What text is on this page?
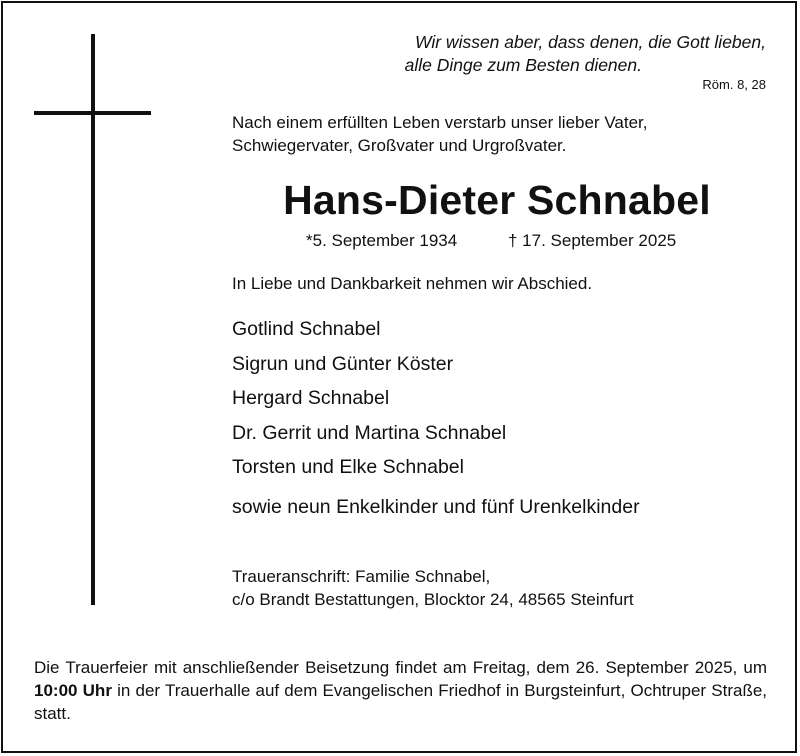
Wir wissen aber, dass denen, die Gott lieben,
alle Dinge zum Besten dienen.
Röm. 8, 28
Nach einem erfüllten Leben verstarb unser lieber Vater,
Schwiegervater, Großvater und Urgroßvater.
Hans-Dieter Schnabel
*5. September 1934	† 17. September 2025
In Liebe und Dankbarkeit nehmen wir Abschied.
Gotlind Schnabel
Sigrun und Günter Köster
Hergard Schnabel
Dr. Gerrit und Martina Schnabel
Torsten und Elke Schnabel
sowie neun Enkelkinder und fünf Urenkelkinder
Traueranschrift: Familie Schnabel,
c/o Brandt Bestattungen, Blocktor 24, 48565 Steinfurt
Die Trauerfeier mit anschließender Beisetzung findet am Freitag, dem 26. September 2025, um 10:00 Uhr in der Trauerhalle auf dem Evangelischen Friedhof in Burgsteinfurt, Ochtruper Straße, statt.
